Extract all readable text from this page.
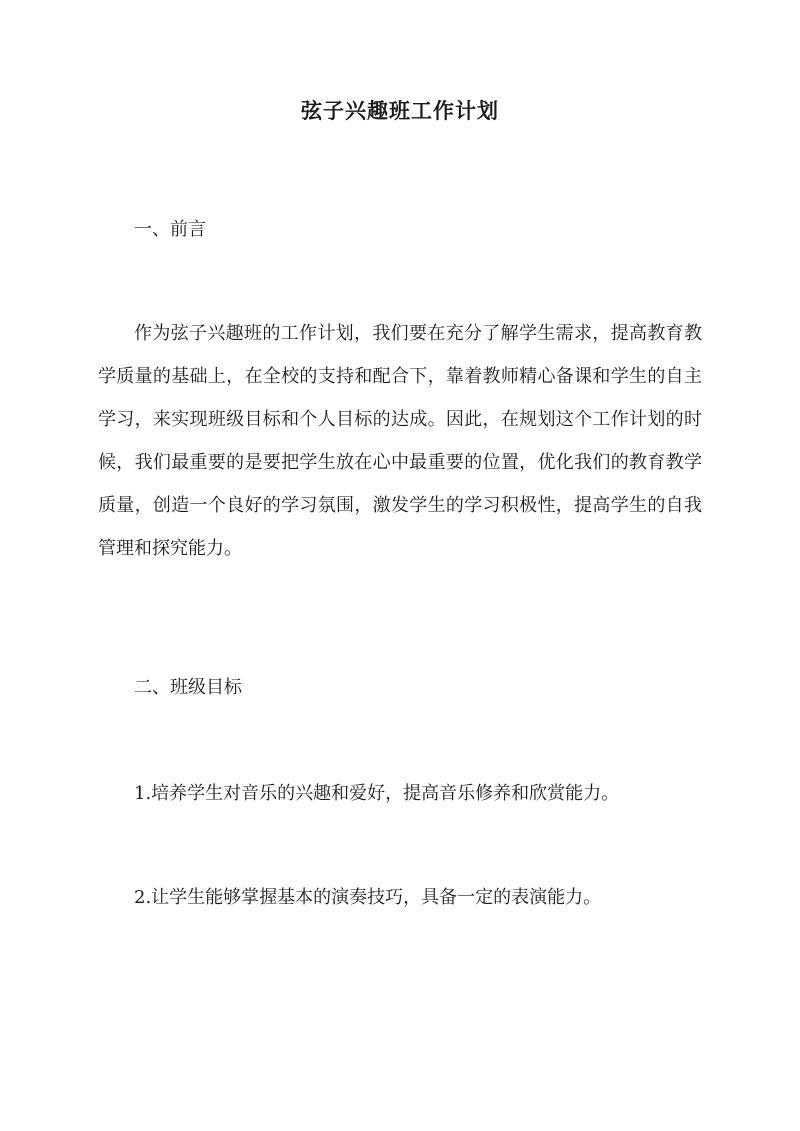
弦子兴趣班工作计划
一、前言

作为弦子兴趣班的工作计划，我们要在充分了解学生需求，提高教育教学质量的基础上，在全校的支持和配合下，靠着教师精心备课和学生的自主学习，来实现班级目标和个人目标的达成。因此，在规划这个工作计划的时候，我们最重要的是要把学生放在心中最重要的位置，优化我们的教育教学质量，创造一个良好的学习氛围，激发学生的学习积极性，提高学生的自我管理和探究能力。

二、班级目标
1.培养学生对音乐的兴趣和爱好，提高音乐修养和欣赏能力。
2.让学生能够掌握基本的演奏技巧，具备一定的表演能力。
